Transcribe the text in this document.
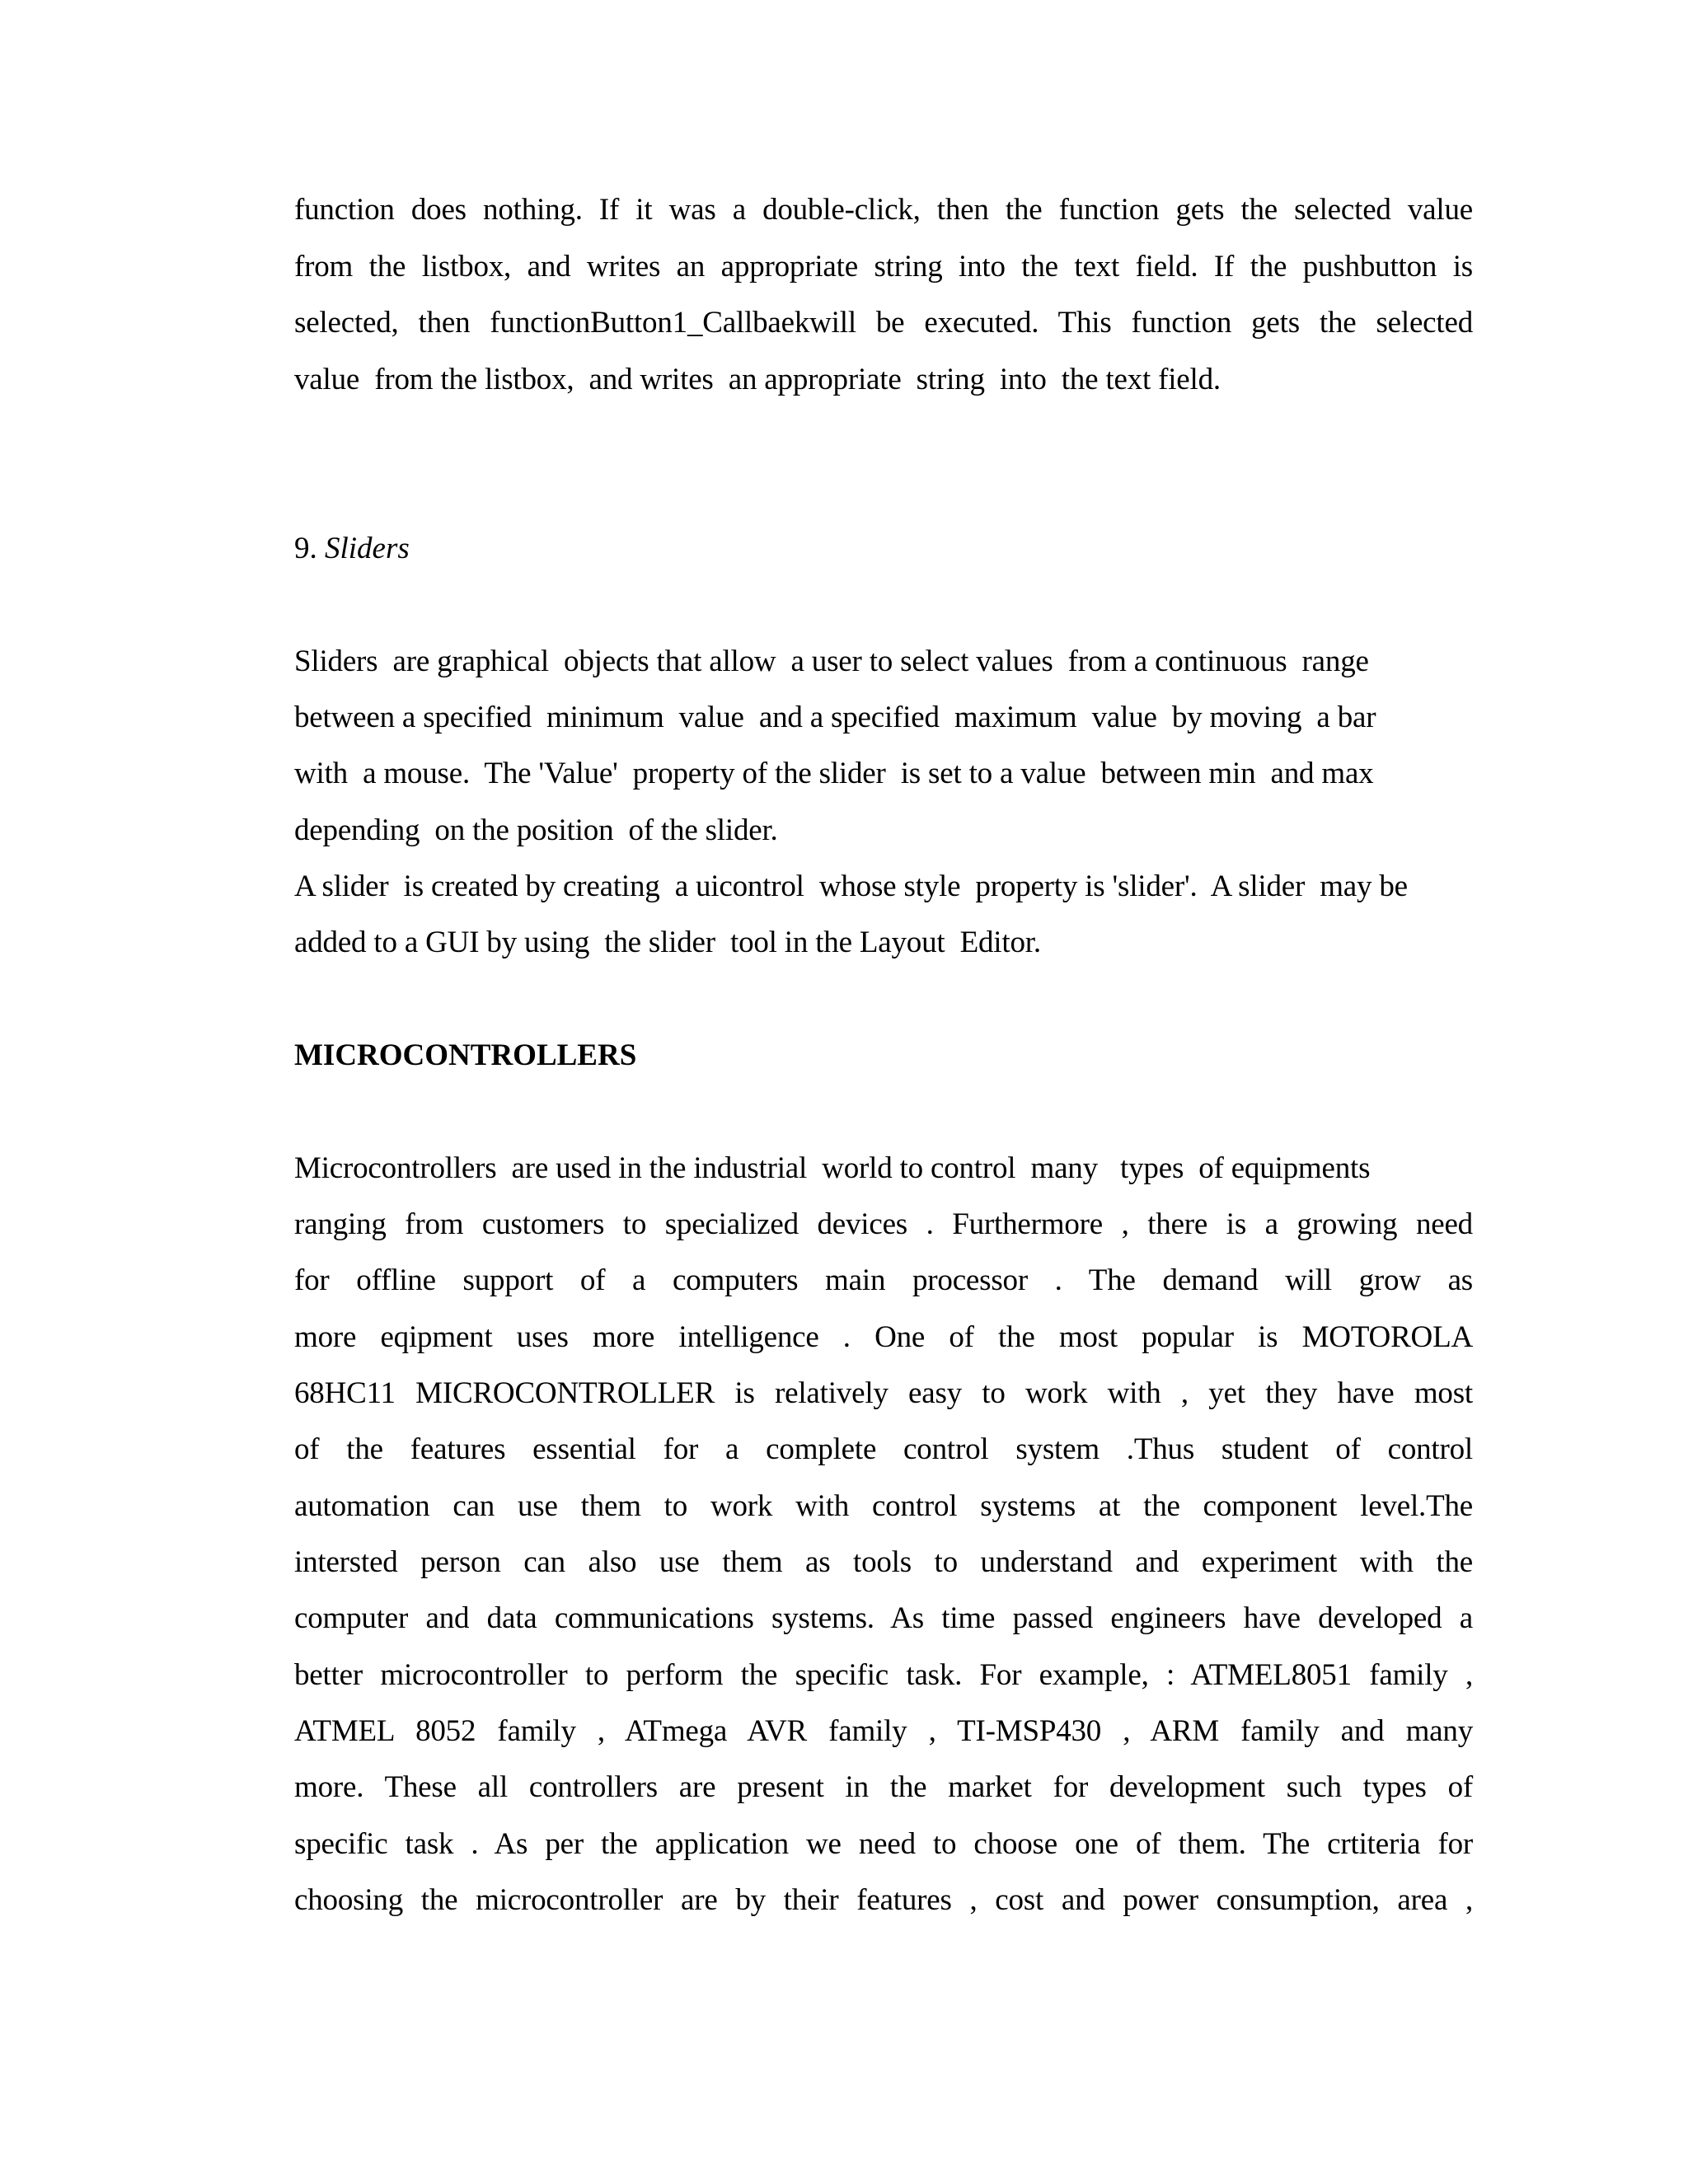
function does nothing. If it was a double-click, then the function gets the selected value
from the listbox, and writes an appropriate string into the text field. If the pushbutton is
selected, then functionButton1_Callbaekwill be executed. This function gets the selected
value  from the listbox,  and writes  an appropriate  string  into  the text field.
9. Sliders
Sliders  are graphical  objects that allow  a user to select values  from a continuous  range
between a specified  minimum  value  and a specified  maximum  value  by moving  a bar
with  a mouse.  The 'Value'  property of the slider  is set to a value  between min  and max
depending  on the position  of the slider.
A slider  is created by creating  a uicontrol  whose style  property is 'slider'.  A slider  may be
added to a GUI by using  the slider  tool in the Layout  Editor.
MICROCONTROLLERS
Microcontrollers  are used in the industrial  world to control  many   types  of equipments
ranging from customers to specialized devices . Furthermore , there is a growing need
for offline support of a computers main processor . The demand will grow as
more eqipment uses more intelligence . One of the most popular is MOTOROLA
68HC11 MICROCONTROLLER is relatively easy to work with , yet they have most
of the features essential for a complete control system .Thus student of control
automation can use them to work with control systems at the component level.The
intersted person can also use them as tools to understand and experiment with the
computer and data communications systems. As time passed engineers have developed a
better microcontroller to perform the specific task. For example, : ATMEL8051 family ,
ATMEL 8052 family , ATmega AVR family , TI-MSP430 , ARM family and many
more. These all controllers are present in the market for development such types of
specific task . As per the application we need to choose one of them. The crtiteria for
choosing the microcontroller are by their features , cost and power consumption, area ,
